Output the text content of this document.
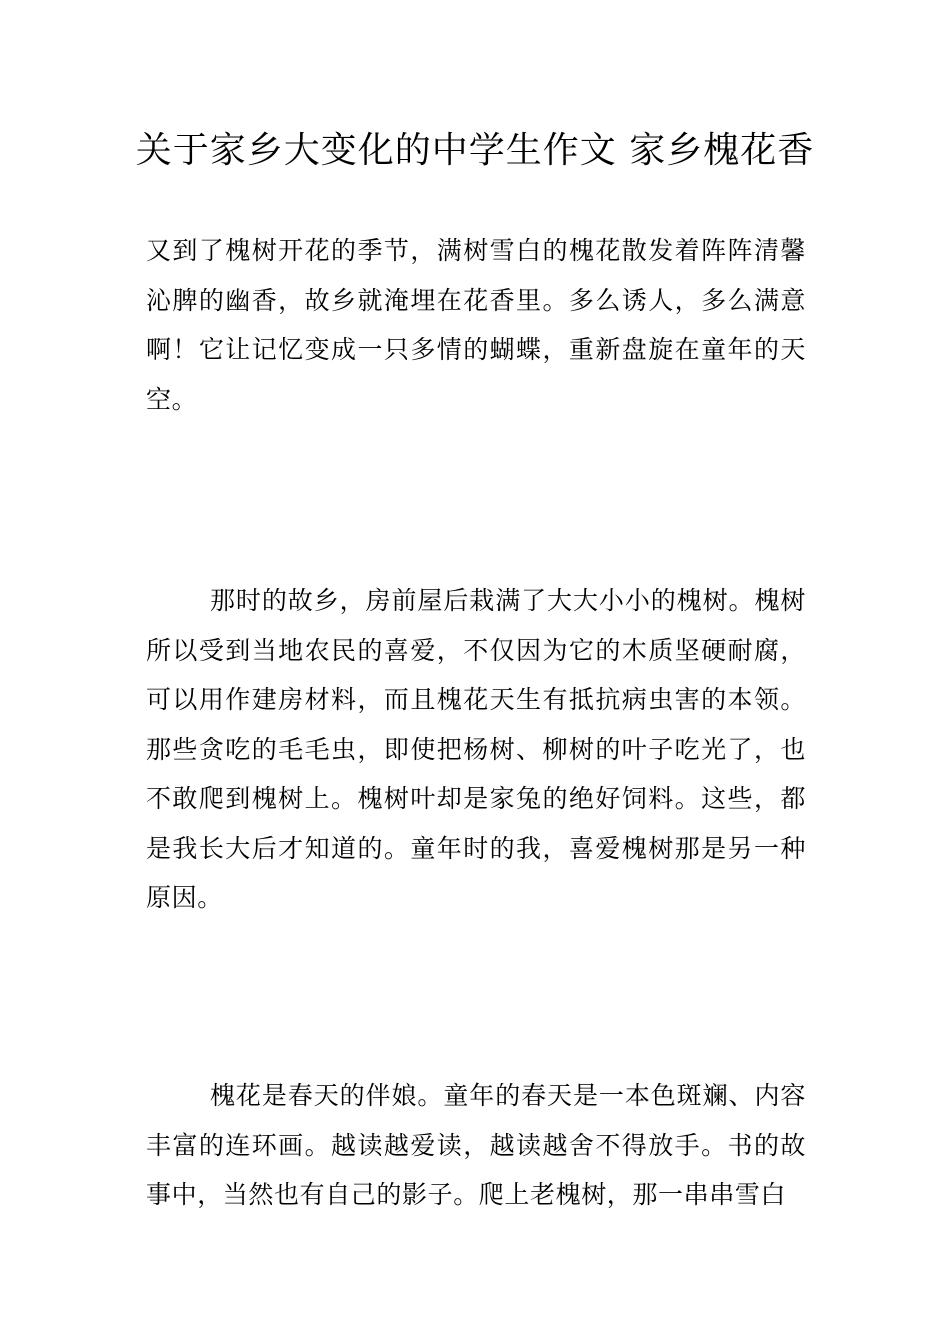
关于家乡大变化的中学生作文 家乡槐花香

又到了槐树开花的季节，满树雪白的槐花散发着阵阵清馨沁脾的幽香，故乡就淹埋在花香里。多么诱人，多么满意啊！它让记忆变成一只多情的蝴蝶，重新盘旋在童年的天空。

那时的故乡，房前屋后栽满了大大小小的槐树。槐树所以受到当地农民的喜爱，不仅因为它的木质坚硬耐腐，可以用作建房材料，而且槐花天生有抵抗病虫害的本领。那些贪吃的毛毛虫，即使把杨树、柳树的叶子吃光了，也不敢爬到槐树上。槐树叶却是家兔的绝好饲料。这些，都是我长大后才知道的。童年时的我，喜爱槐树那是另一种原因。

槐花是春天的伴娘。童年的春天是一本色斑斓、内容丰富的连环画。越读越爱读，越读越舍不得放手。书的故事中，当然也有自己的影子。爬上老槐树，那一串串雪白
